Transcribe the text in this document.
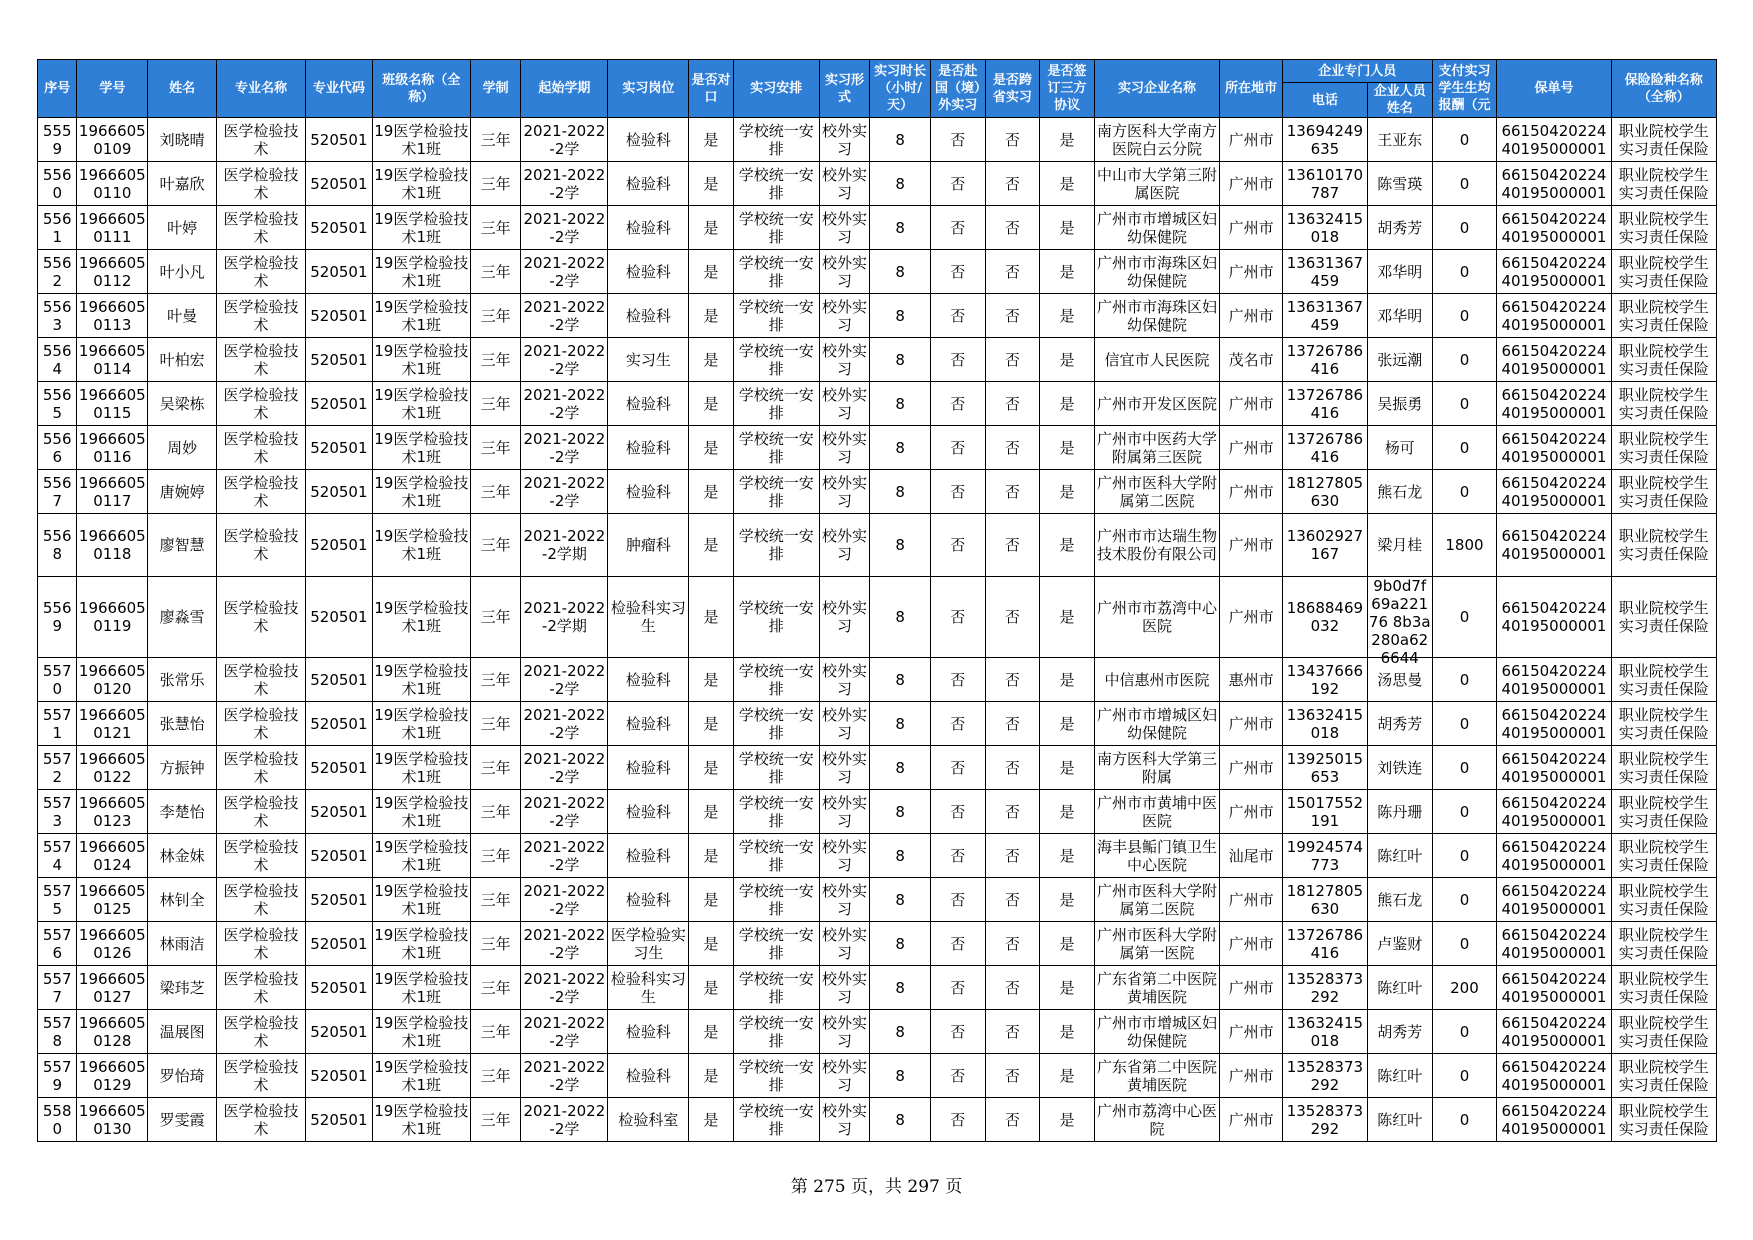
序号	学号	姓名	专业名称	专业代码	班级名称（全称）	学制	起始学期	实习岗位	是否对口	实习安排	实习形式	实习时长（小时/天）	是否赴国（境）外实习	是否跨省实习	是否签订三方协议	实习企业名称	所在地市	企业专门人员		支付实习学生生均报酬（元	保单号	保险险种名称（全称）
																		电话	企业人员姓名			

5559	19666050109	刘晓晴	医学检验技术	520501	19医学检验技术1班	三年	2021-2022-2学	检验科	是	学校统一安排	校外实习	8	否	否	是	南方医科大学南方医院白云分院	广州市	13694249635	王亚东	0	6615042022440195000001	职业院校学生实习责任保险

5560	19666050110	叶嘉欣	医学检验技术	520501	19医学检验技术1班	三年	2021-2022-2学	检验科	是	学校统一安排	校外实习	8	否	否	是	中山市大学第三附属医院	广州市	13610170787	陈雪瑛	0	6615042022440195000001	职业院校学生实习责任保险

5561	19666050111	叶婷	医学检验技术	520501	19医学检验技术1班	三年	2021-2022-2学	检验科	是	学校统一安排	校外实习	8	否	否	是	广州市市增城区妇幼保健院	广州市	13632415018	胡秀芳	0	6615042022440195000001	职业院校学生实习责任保险

5562	19666050112	叶小凡	医学检验技术	520501	19医学检验技术1班	三年	2021-2022-2学	检验科	是	学校统一安排	校外实习	8	否	否	是	广州市市海珠区妇幼保健院	广州市	13631367459	邓华明	0	6615042022440195000001	职业院校学生实习责任保险

5563	19666050113	叶曼	医学检验技术	520501	19医学检验技术1班	三年	2021-2022-2学	检验科	是	学校统一安排	校外实习	8	否	否	是	广州市市海珠区妇幼保健院	广州市	13631367459	邓华明	0	6615042022440195000001	职业院校学生实习责任保险

5564	19666050114	叶柏宏	医学检验技术	520501	19医学检验技术1班	三年	2021-2022-2学	实习生	是	学校统一安排	校外实习	8	否	否	是	信宜市人民医院	茂名市	13726786416	张远潮	0	6615042022440195000001	职业院校学生实习责任保险

5565	19666050115	吴梁栋	医学检验技术	520501	19医学检验技术1班	三年	2021-2022-2学	检验科	是	学校统一安排	校外实习	8	否	否	是	广州市开发区医院	广州市	13726786416	吴振勇	0	6615042022440195000001	职业院校学生实习责任保险

5566	19666050116	周妙	医学检验技术	520501	19医学检验技术1班	三年	2021-2022-2学	检验科	是	学校统一安排	校外实习	8	否	否	是	广州市中医药大学附属第三医院	广州市	13726786416	杨可	0	6615042022440195000001	职业院校学生实习责任保险

5567	19666050117	唐婉婷	医学检验技术	520501	19医学检验技术1班	三年	2021-2022-2学	检验科	是	学校统一安排	校外实习	8	否	否	是	广州市医科大学附属第二医院	广州市	18127805630	熊石龙	0	6615042022440195000001	职业院校学生实习责任保险

5568	19666050118	廖智慧	医学检验技术	520501	19医学检验技术1班	三年	2021-2022-2学期	肿瘤科	是	学校统一安排	校外实习	8	否	否	是	广州市市达瑞生物技术股份有限公司	广州市	13602927167	梁月桂	1800	6615042022440195000001	职业院校学生实习责任保险

5569	19666050119	廖淼雪	医学检验技术	520501	19医学检验技术1班	三年	2021-2022-2学期	检验科实习生	是	学校统一安排	校外实习	8	否	否	是	广州市市荔湾中心医院	广州市	18688469032	9b0d7f69a22176 8b3a280a626644	0	6615042022440195000001	职业院校学生实习责任保险

5570	19666050120	张常乐	医学检验技术	520501	19医学检验技术1班	三年	2021-2022-2学	检验科	是	学校统一安排	校外实习	8	否	否	是	中信惠州市医院	惠州市	13437666192	汤思曼	0	6615042022440195000001	职业院校学生实习责任保险

5571	19666050121	张慧怡	医学检验技术	520501	19医学检验技术1班	三年	2021-2022-2学	检验科	是	学校统一安排	校外实习	8	否	否	是	广州市市增城区妇幼保健院	广州市	13632415018	胡秀芳	0	6615042022440195000001	职业院校学生实习责任保险

5572	19666050122	方振钟	医学检验技术	520501	19医学检验技术1班	三年	2021-2022-2学	检验科	是	学校统一安排	校外实习	8	否	否	是	南方医科大学第三附属	广州市	13925015653	刘铁连	0	6615042022440195000001	职业院校学生实习责任保险

5573	19666050123	李楚怡	医学检验技术	520501	19医学检验技术1班	三年	2021-2022-2学	检验科	是	学校统一安排	校外实习	8	否	否	是	广州市市黄埔中医医院	广州市	15017552191	陈丹珊	0	6615042022440195000001	职业院校学生实习责任保险

5574	19666050124	林金妹	医学检验技术	520501	19医学检验技术1班	三年	2021-2022-2学	检验科	是	学校统一安排	校外实习	8	否	否	是	海丰县鲘门镇卫生中心医院	汕尾市	19924574773	陈红叶	0	6615042022440195000001	职业院校学生实习责任保险

5575	19666050125	林钊全	医学检验技术	520501	19医学检验技术1班	三年	2021-2022-2学	检验科	是	学校统一安排	校外实习	8	否	否	是	广州市医科大学附属第二医院	广州市	18127805630	熊石龙	0	6615042022440195000001	职业院校学生实习责任保险

5576	19666050126	林雨洁	医学检验技术	520501	19医学检验技术1班	三年	2021-2022-2学	医学检验实习生	是	学校统一安排	校外实习	8	否	否	是	广州市医科大学附属第一医院	广州市	13726786416	卢鉴财	0	6615042022440195000001	职业院校学生实习责任保险

5577	19666050127	梁玮芝	医学检验技术	520501	19医学检验技术1班	三年	2021-2022-2学	检验科实习生	是	学校统一安排	校外实习	8	否	否	是	广东省第二中医院黄埔医院	广州市	13528373292	陈红叶	200	6615042022440195000001	职业院校学生实习责任保险

5578	19666050128	温展图	医学检验技术	520501	19医学检验技术1班	三年	2021-2022-2学	检验科	是	学校统一安排	校外实习	8	否	否	是	广州市市增城区妇幼保健院	广州市	13632415018	胡秀芳	0	6615042022440195000001	职业院校学生实习责任保险

5579	19666050129	罗怡琦	医学检验技术	520501	19医学检验技术1班	三年	2021-2022-2学	检验科	是	学校统一安排	校外实习	8	否	否	是	广东省第二中医院黄埔医院	广州市	13528373292	陈红叶	0	6615042022440195000001	职业院校学生实习责任保险

5580	19666050130	罗雯霞	医学检验技术	520501	19医学检验技术1班	三年	2021-2022-2学	检验科室	是	学校统一安排	校外实习	8	否	否	是	广州市荔湾中心医院	广州市	13528373292	陈红叶	0	6615042022440195000001	职业院校学生实习责任保险
第 275 页，共 297 页
